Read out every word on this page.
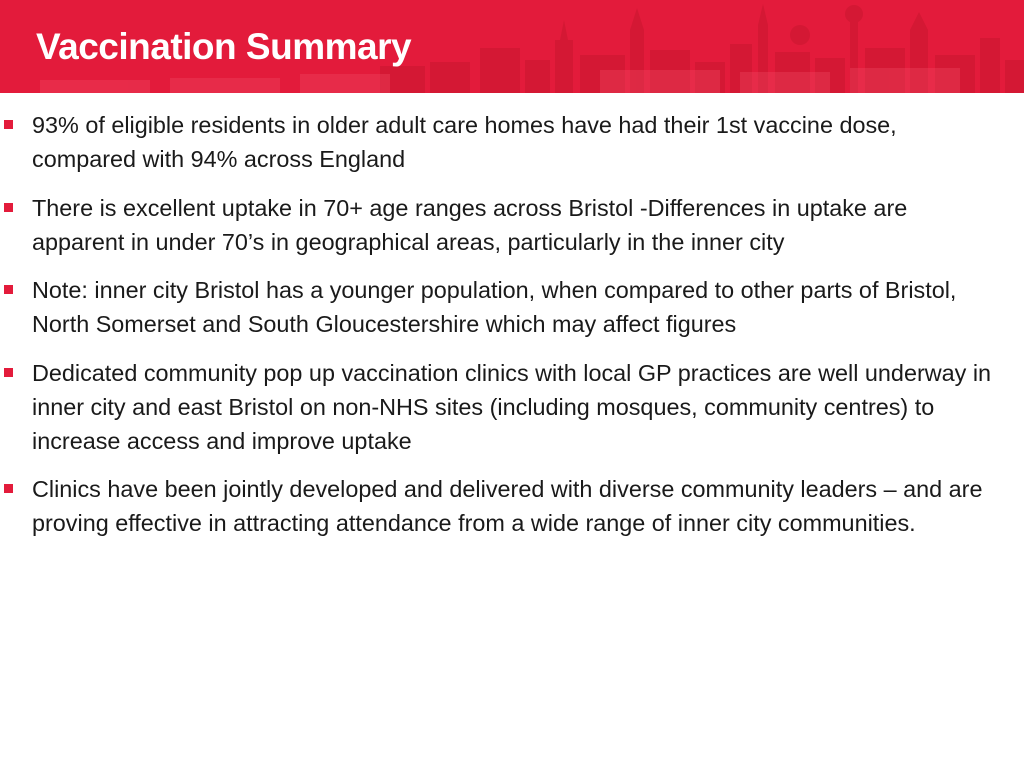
Vaccination Summary
93% of eligible residents in older adult care homes have had their 1st vaccine dose, compared with 94% across England
There is excellent uptake in 70+ age ranges across Bristol -Differences in uptake are apparent in under 70’s in geographical areas, particularly in the inner city
Note: inner city Bristol has a younger population, when compared to other parts of Bristol, North Somerset and South Gloucestershire which may affect figures
Dedicated community pop up vaccination clinics with local GP practices are well underway in inner city and east Bristol on non-NHS sites (including mosques, community centres) to increase access and improve uptake
Clinics have been jointly developed and delivered with diverse community leaders – and are proving effective in attracting attendance from a wide range of inner city communities.
